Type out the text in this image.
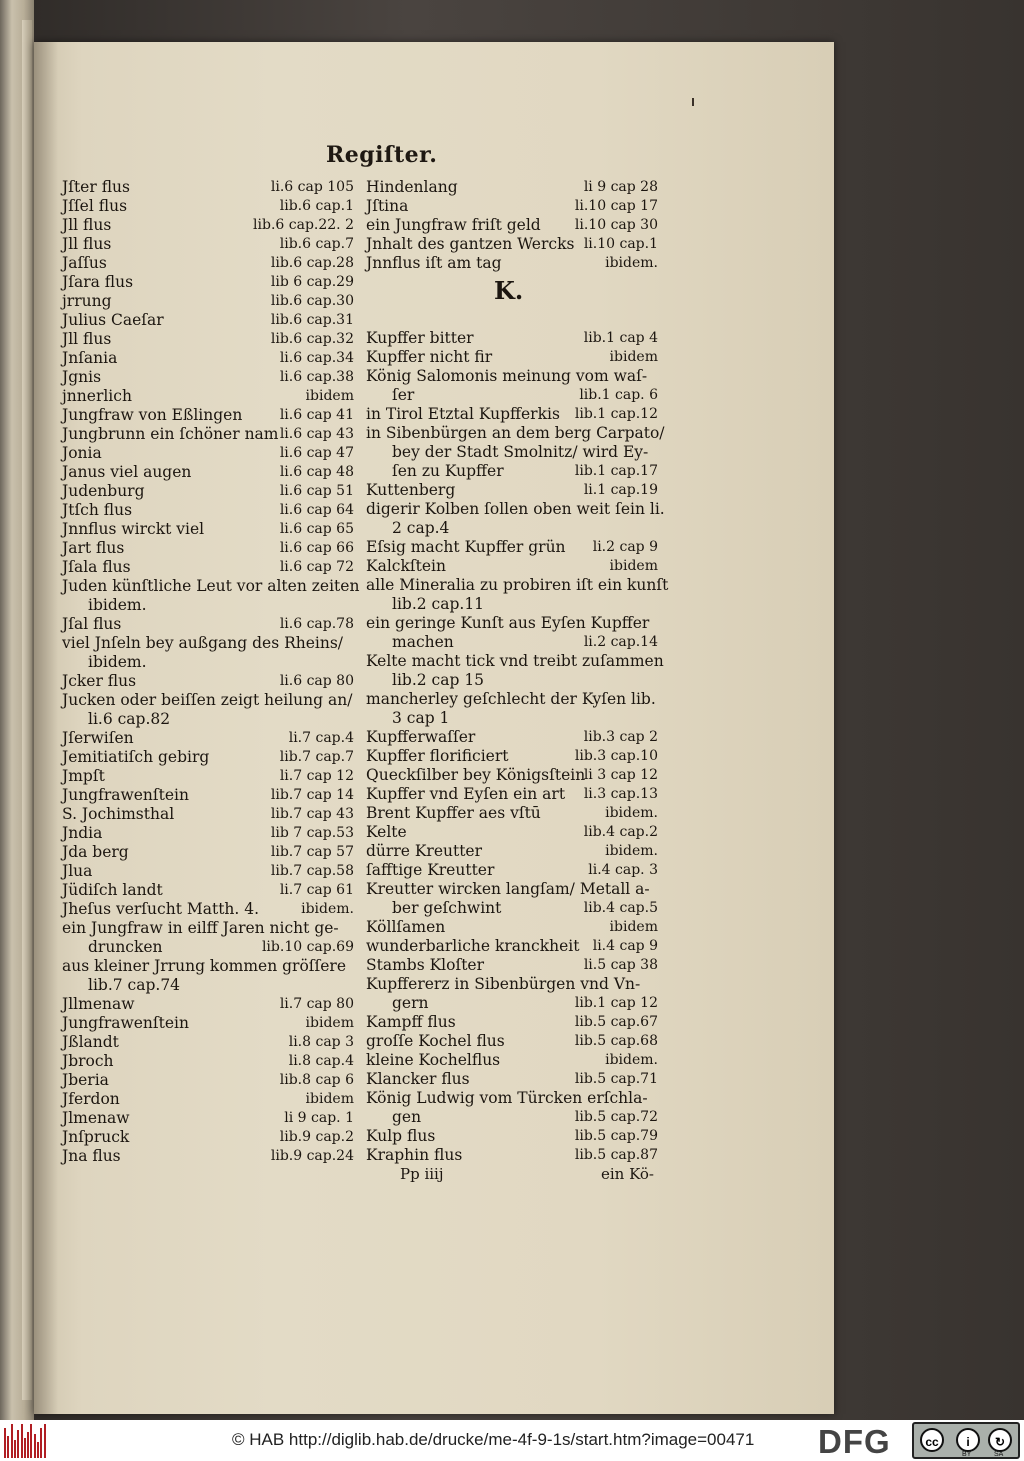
Regiſter.
Jſter flus	li.6 cap 105
Jſſel flus	lib.6 cap.1
Jll flus	lib.6 cap.22. 2
Jll flus	lib.6 cap.7
Jaſſus	lib.6 cap.28
Jſara flus	lib 6 cap.29
jrrung	lib.6 cap.30
Julius Caeſar	lib.6 cap.31
Jll flus	lib.6 cap.32
Jnſania	li.6 cap.34
Jgnis	li.6 cap.38
jnnerlich	ibidem
Jungfraw von Eßlingen	li.6 cap 41
Jungbrunn ein ſchöner nam li.6 cap 43
Jonia	li.6 cap 47
Janus viel augen	li.6 cap 48
Judenburg	li.6 cap 51
Jtſch flus	li.6 cap 64
Jnnflus wirckt viel	li.6 cap 65
Jart flus	li.6 cap 66
Jſala flus	li.6 cap 72
Juden künſtliche Leut vor alten zeiten
ibidem.
Jſal flus	li.6 cap.78
viel Jnſeln bey außgang des Rheins/
ibidem.
Jcker flus	li.6 cap 80
Jucken oder beiſſen zeigt heilung an/
li.6 cap.82
Jſerwiſen	li.7 cap.4
Jemitiatiſch gebirg	lib.7 cap.7
Jmpſt	li.7 cap 12
Jungfrawenſtein	lib.7 cap 14
S. Jochimsthal	lib.7 cap 43
Jndia	lib 7 cap.53
Jda berg	lib.7 cap 57
Jlua	lib.7 cap.58
Jüdiſch landt	li.7 cap 61
Jheſus verſucht Matth. 4.	ibidem.
ein Jungfraw in eilff Jaren nicht ge-
druncken	lib.10 cap.69
aus kleiner Jrrung kommen gröſſere
lib.7 cap.74
Jllmenaw	li.7 cap 80
Jungfrawenſtein	ibidem
Jßlandt	li.8 cap 3
Jbroch	li.8 cap.4
Jberia	lib.8 cap 6
Jferdon	ibidem
Jlmenaw	li 9 cap. 1
Jnſpruck	lib.9 cap.2
Jna flus	lib.9 cap.24
Hindenlang	li 9 cap 28
Jſtina	li.10 cap 17
ein Jungfraw friſt geld li.10 cap 30
Jnhalt des gantzen Wercks li.10 cap.1
Jnnflus iſt am tag	ibidem.
K.
Kupffer bitter	lib.1 cap 4
Kupffer nicht fir	ibidem
König Salomonis meinung vom waſ-
ſer	lib.1 cap. 6
in Tirol Etztal Kupfferkis lib.1 cap.12
in Sibenbürgen an dem berg Carpato/
bey der Stadt Smolnitz/ wird Ey-
ſen zu Kupffer	lib.1 cap.17
Kuttenberg	li.1 cap.19
digerir Kolben ſollen oben weit ſein li.
2 cap.4
Eſsig macht Kupffer grün li.2 cap 9
Kalckſtein	ibidem
alle Mineralia zu probiren iſt ein kunſt
lib.2 cap.11
ein geringe Kunſt aus Eyſen Kupffer
machen	li.2 cap.14
Kelte macht tick vnd treibt zuſammen
lib.2 cap 15
mancherley geſchlecht der Kyſen lib.
3 cap 1
Kupfferwaſſer	lib.3 cap 2
Kupffer florificiert	lib.3 cap.10
Queckſilber bey Königsſtein
li 3 cap 12
Kupffer vnd Eyſen ein art li.3 cap.13
Brent Kupffer aes vſtū	ibidem.
Kelte	lib.4 cap.2
dürre Kreutter	ibidem.
ſafftige Kreutter	li.4 cap. 3
Kreutter wircken langſam/ Metall a-
ber geſchwint	lib.4 cap.5
Köllſamen	ibidem
wunderbarliche kranckheit li.4 cap 9
Stambs Kloſter	li.5 cap 38
Kupffererz in Sibenbürgen vnd Vn-
gern	lib.1 cap 12
Kampff flus	lib.5 cap.67
groſſe Kochel flus	lib.5 cap.68
kleine Kochelflus	ibidem.
Klancker flus	lib.5 cap.71
König Ludwig vom Türcken erſchla-
gen	lib.5 cap.72
Kulp flus	lib.5 cap.79
Kraphin flus	lib.5 cap.87
Pp iiij	ein Kö-
© HAB http://diglib.hab.de/drucke/me-4f-9-1s/start.htm?image=00471 DFG	cc	i	↻
BY	SA
